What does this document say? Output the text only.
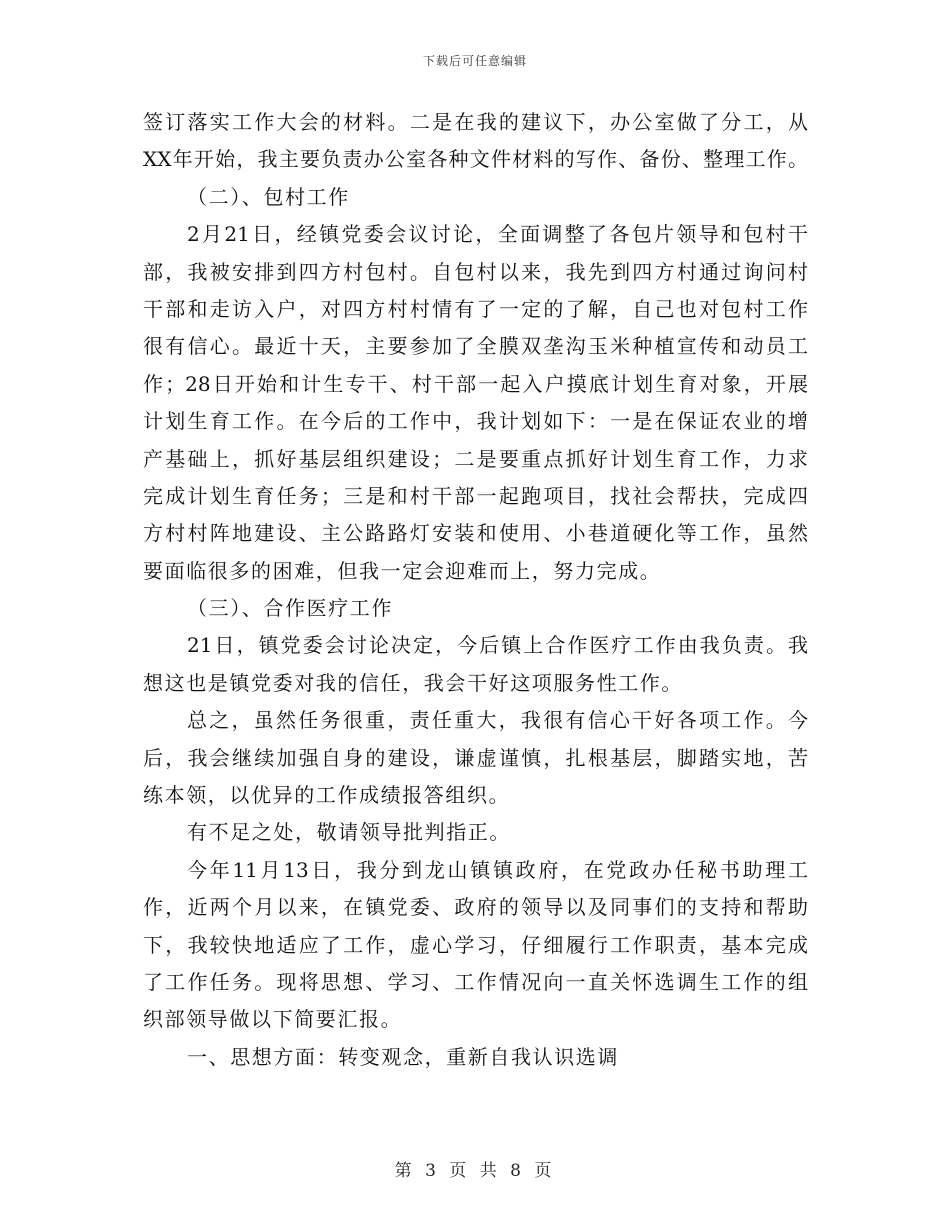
下载后可任意编辑
签订落实工作大会的材料。二是在我的建议下，办公室做了分工，从
XX年开始，我主要负责办公室各种文件材料的写作、备份、整理工作。
（二）、包村工作
2月21日，经镇党委会议讨论，全面调整了各包片领导和包村干
部，我被安排到四方村包村。自包村以来，我先到四方村通过询问村
干部和走访入户，对四方村村情有了一定的了解，自己也对包村工作
很有信心。最近十天，主要参加了全膜双垄沟玉米种植宣传和动员工
作；28日开始和计生专干、村干部一起入户摸底计划生育对象，开展
计划生育工作。在今后的工作中，我计划如下：一是在保证农业的增
产基础上，抓好基层组织建设；二是要重点抓好计划生育工作，力求
完成计划生育任务；三是和村干部一起跑项目，找社会帮扶，完成四
方村村阵地建设、主公路路灯安装和使用、小巷道硬化等工作，虽然
要面临很多的困难，但我一定会迎难而上，努力完成。
（三）、合作医疗工作
21日，镇党委会讨论决定，今后镇上合作医疗工作由我负责。我
想这也是镇党委对我的信任，我会干好这项服务性工作。
总之，虽然任务很重，责任重大，我很有信心干好各项工作。今
后，我会继续加强自身的建设，谦虚谨慎，扎根基层，脚踏实地，苦
练本领，以优异的工作成绩报答组织。
有不足之处，敬请领导批判指正。
今年11月13日，我分到龙山镇镇政府，在党政办任秘书助理工
作，近两个月以来，在镇党委、政府的领导以及同事们的支持和帮助
下，我较快地适应了工作，虚心学习，仔细履行工作职责，基本完成
了工作任务。现将思想、学习、工作情况向一直关怀选调生工作的组
织部领导做以下简要汇报。
一、思想方面：转变观念，重新自我认识选调
第 3 页 共 8 页
